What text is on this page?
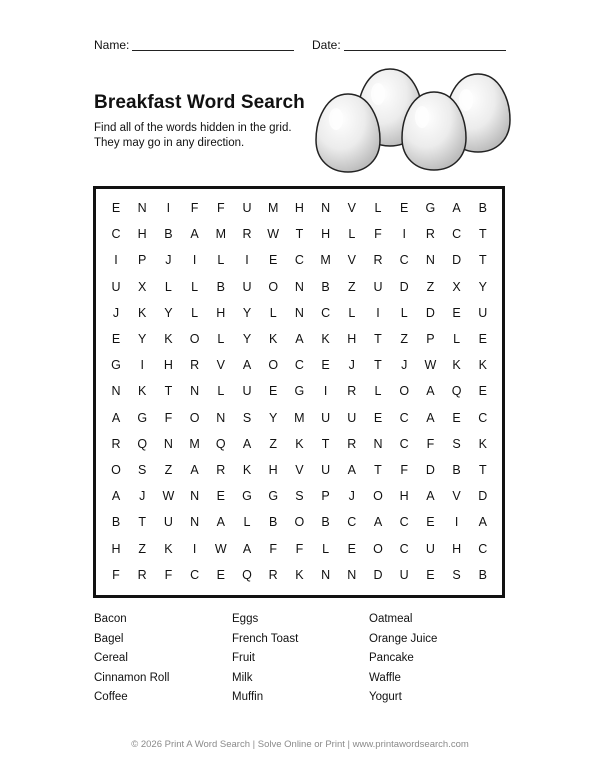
Name:	Date:
Breakfast Word Search
Find all of the words hidden in the grid.
They may go in any direction.
E	N	I	F	F	U	M	H	N	V	L	E	G	A	B
C	H	B	A	M	R	W	T	H	L	F	I	R	C	T
I	P	J	I	L	I	E	C	M	V	R	C	N	D	T
U	X	L	L	B	U	O	N	B	Z	U	D	Z	X	Y
J	K	Y	L	H	Y	L	N	C	L	I	L	D	E	U
E	Y	K	O	L	Y	K	A	K	H	T	Z	P	L	E
G	I	H	R	V	A	O	C	E	J	T	J	W	K	K
N	K	T	N	L	U	E	G	I	R	L	O	A	Q	E
A	G	F	O	N	S	Y	M	U	U	E	C	A	E	C
R	Q	N	M	Q	A	Z	K	T	R	N	C	F	S	K
O	S	Z	A	R	K	H	V	U	A	T	F	D	B	T
A	J	W	N	E	G	G	S	P	J	O	H	A	V	D
B	T	U	N	A	L	B	O	B	C	A	C	E	I	A
H	Z	K	I	W	A	F	F	L	E	O	C	U	H	C
F	R	F	C	E	Q	R	K	N	N	D	U	E	S	B
Bacon
Bagel
Cereal
Cinnamon Roll
Coffee
Eggs
French Toast
Fruit
Milk
Muffin
Oatmeal
Orange Juice
Pancake
Waffle
Yogurt
© 2026 Print A Word Search | Solve Online or Print | www.printawordsearch.com
